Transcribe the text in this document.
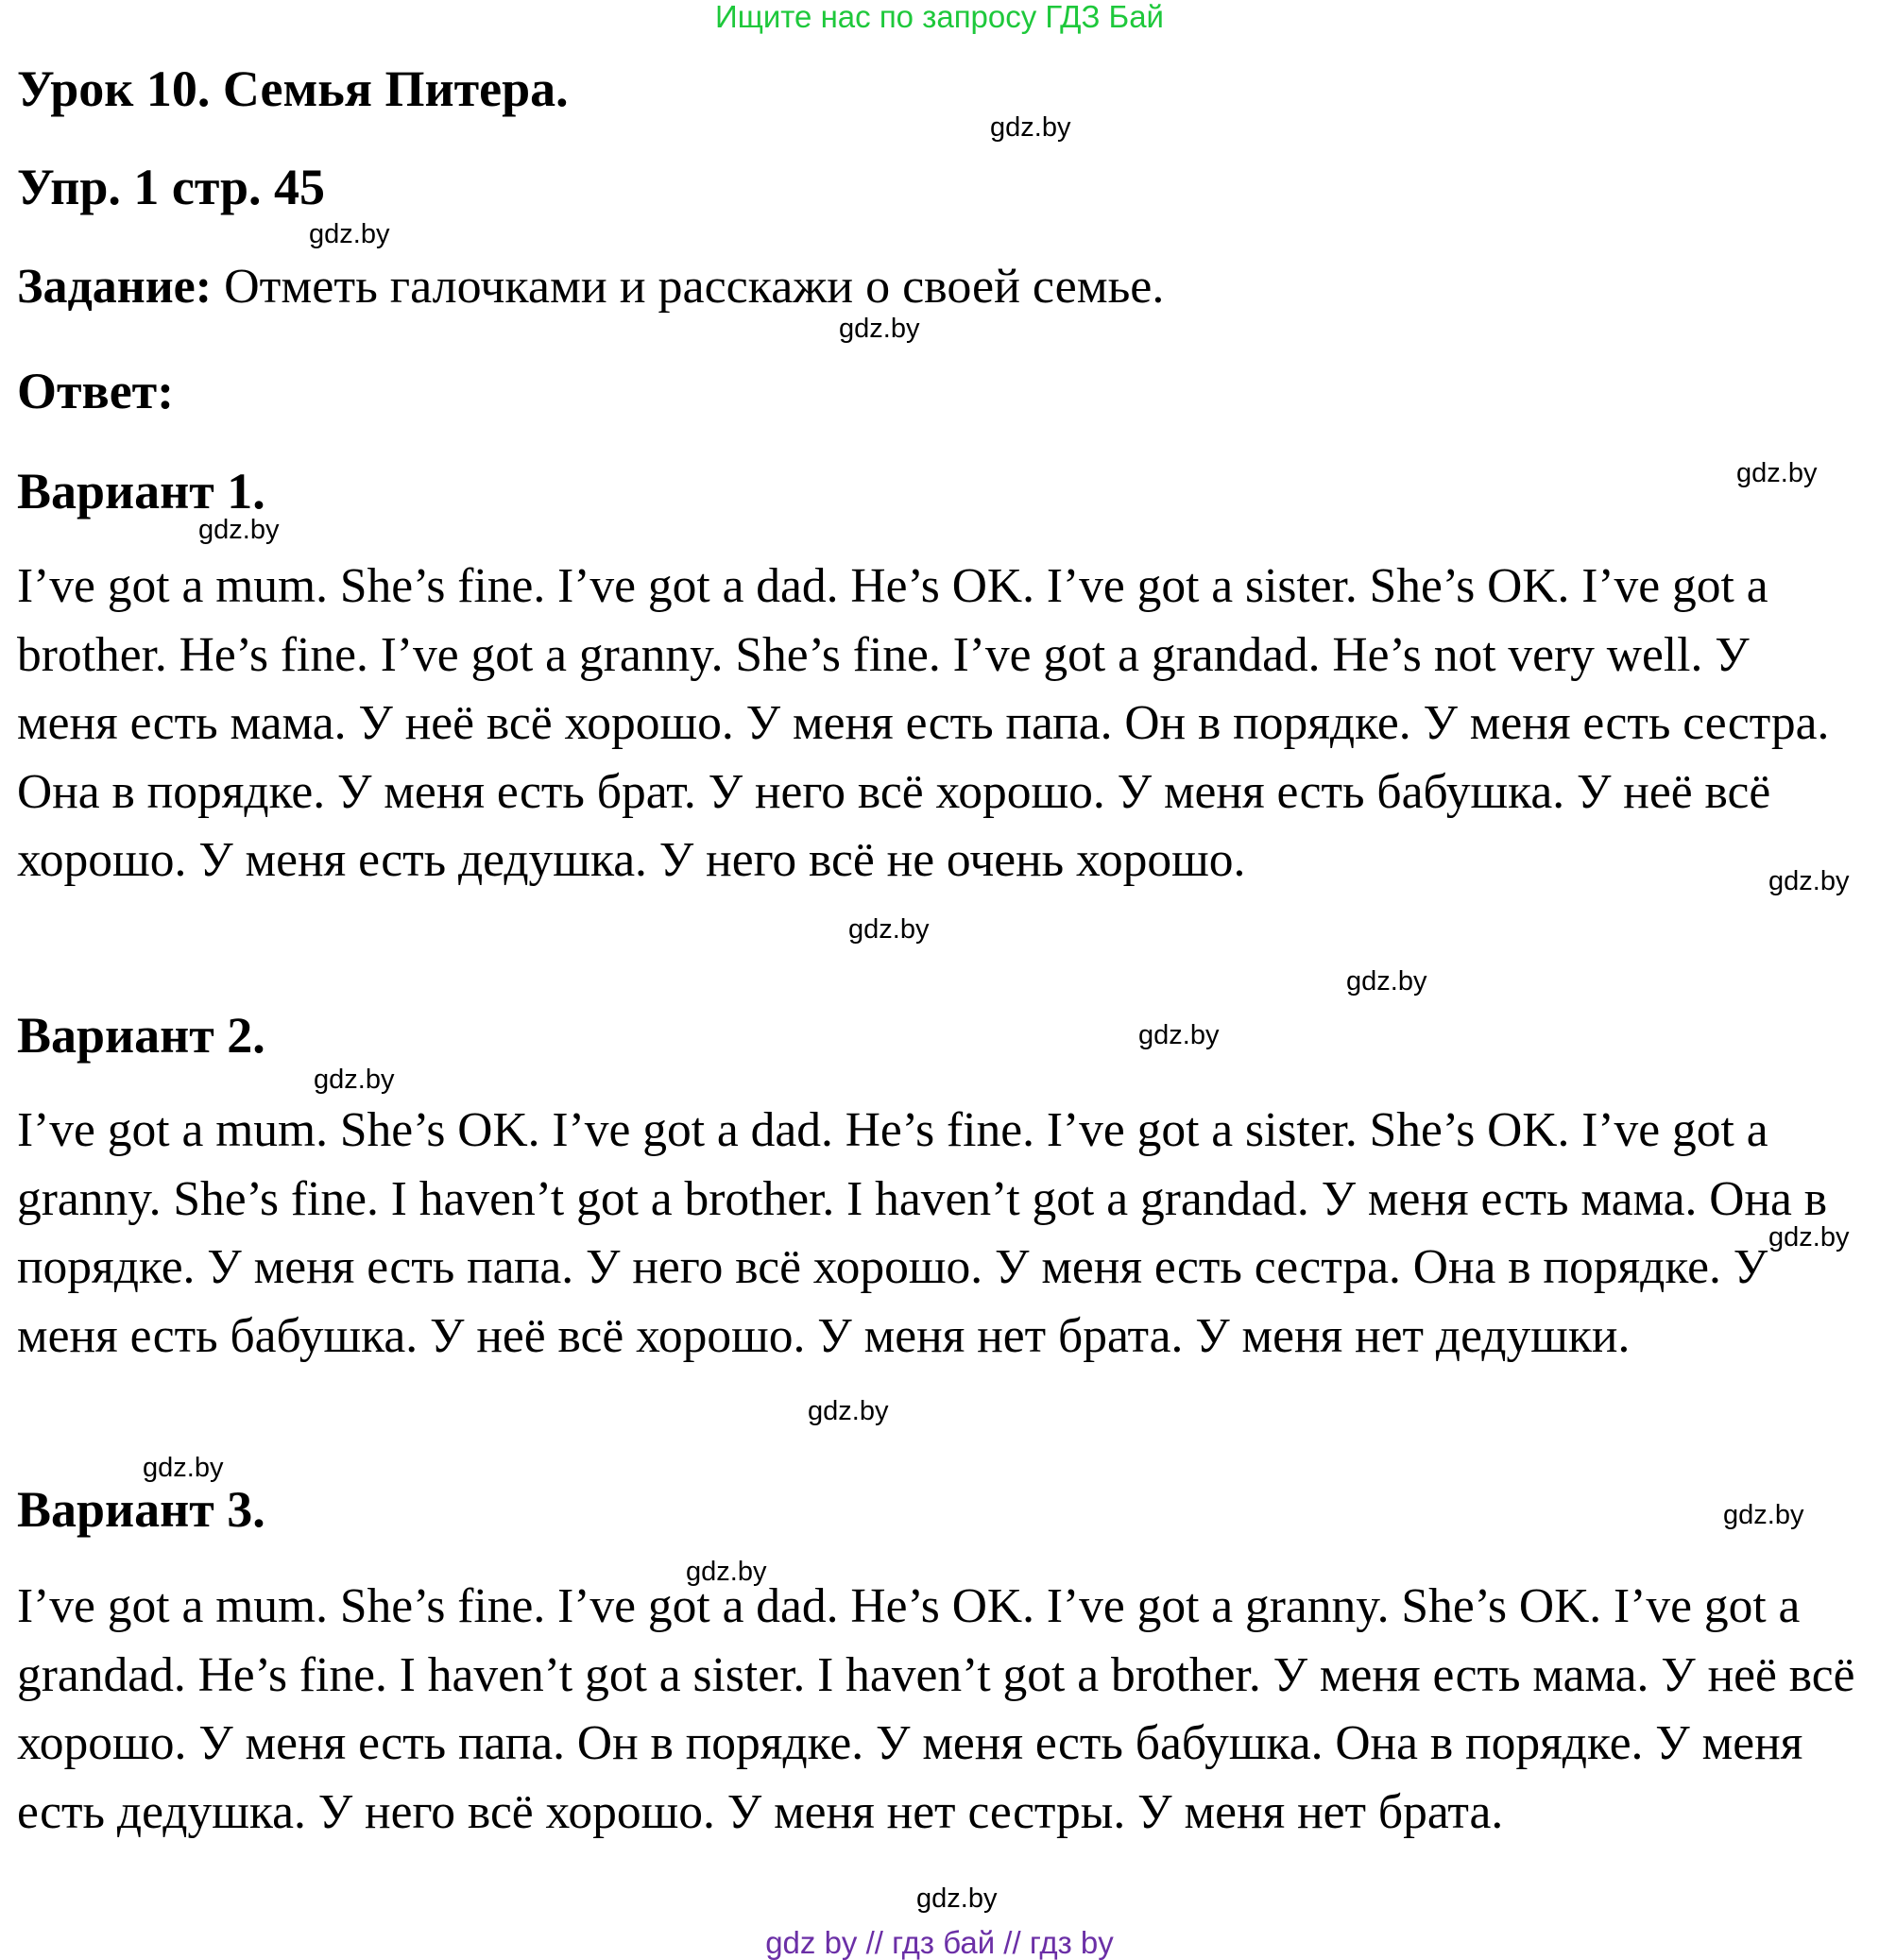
Ищите нас по запросу ГДЗ Бай
Урок 10. Семья Питера.
Упр. 1 стр. 45
Задание: Отметь галочками и расскажи о своей семье.
Ответ:
Вариант 1.

I’ve got a mum. She’s fine. I’ve got a dad. He’s OK. I’ve got a sister. She’s OK. I’ve got a brother. He’s fine. I’ve got a granny. She’s fine. I’ve got a grandad. He’s not very well. У меня есть мама. У неё всё хорошо. У меня есть папа. Он в порядке. У меня есть сестра. Она в порядке. У меня есть брат. У него всё хорошо. У меня есть бабушка. У неё всё хорошо. У меня есть дедушка. У него всё не очень хорошо.

Вариант 2.

I’ve got a mum. She’s OK. I’ve got a dad. He’s fine. I’ve got a sister. She’s OK. I’ve got a granny. She’s fine. I haven’t got a brother. I haven’t got a grandad. У меня есть мама. Она в порядке. У меня есть папа. У него всё хорошо. У меня есть сестра. Она в порядке. У меня есть бабушка. У неё всё хорошо. У меня нет брата. У меня нет дедушки.

Вариант 3.

I’ve got a mum. She’s fine. I’ve got a dad. He’s OK. I’ve got a granny. She’s OK. I’ve got a grandad. He’s fine. I haven’t got a sister. I haven’t got a brother. У меня есть мама. У неё всё хорошо. У меня есть папа. Он в порядке. У меня есть бабушка. Она в порядке. У меня есть дедушка. У него всё хорошо. У меня нет сестры. У меня нет брата.

gdz.by
gdz.by
gdz.by
gdz.by
gdz.by
gdz.by
gdz.by
gdz.by
gdz.by
gdz.by
gdz.by
gdz.by
gdz.by
gdz.by
gdz.by
gdz.by
gdz by // гдз бай // гдз by
